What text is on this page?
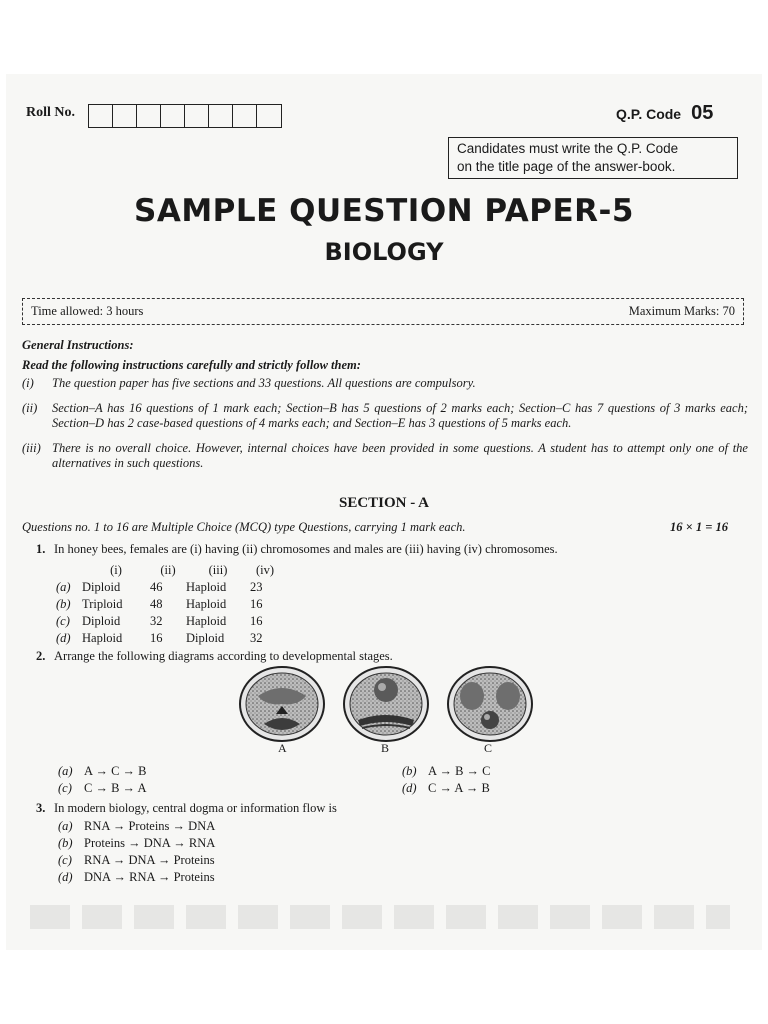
Roll No.	Q.P. Code 05
Candidates must write the Q.P. Code
on the title page of the answer-book.
SAMPLE QUESTION PAPER-5
BIOLOGY
Time allowed: 3 hours	Maximum Marks: 70
General Instructions:
Read the following instructions carefully and strictly follow them:
(i)	The question paper has five sections and 33 questions. All questions are compulsory.
(ii)	Section–A has 16 questions of 1 mark each; Section–B has 5 questions of 2 marks each; Section–C has 7 questions of 3 marks each; Section–D has 2 case-based questions of 4 marks each; and Section–E has 3 questions of 5 marks each.
(iii) There is no overall choice. However, internal choices have been provided in some questions. A student has to attempt only one of the alternatives in such questions.
SECTION - A
Questions no. 1 to 16 are Multiple Choice (MCQ) type Questions, carrying 1 mark each.	16 × 1 = 16
1. In honey bees, females are (i) having (ii) chromosomes and males are (iii) having (iv) chromosomes.
(i)	(ii)	(iii)	(iv)
(a) Diploid	46	Haploid	23
(b) Triploid	48	Haploid	16
(c) Diploid	32	Haploid	16
(d) Haploid	16	Diploid	32
2. Arrange the following diagrams according to developmental stages.
A	B	C
(a) A → C → B	(b) A → B → C
(c) C → B → A	(d) C → A → B
3. In modern biology, central dogma or information flow is
(a) RNA → Proteins → DNA
(b) Proteins → DNA → RNA
(c) RNA → DNA → Proteins
(d) DNA → RNA → Proteins
